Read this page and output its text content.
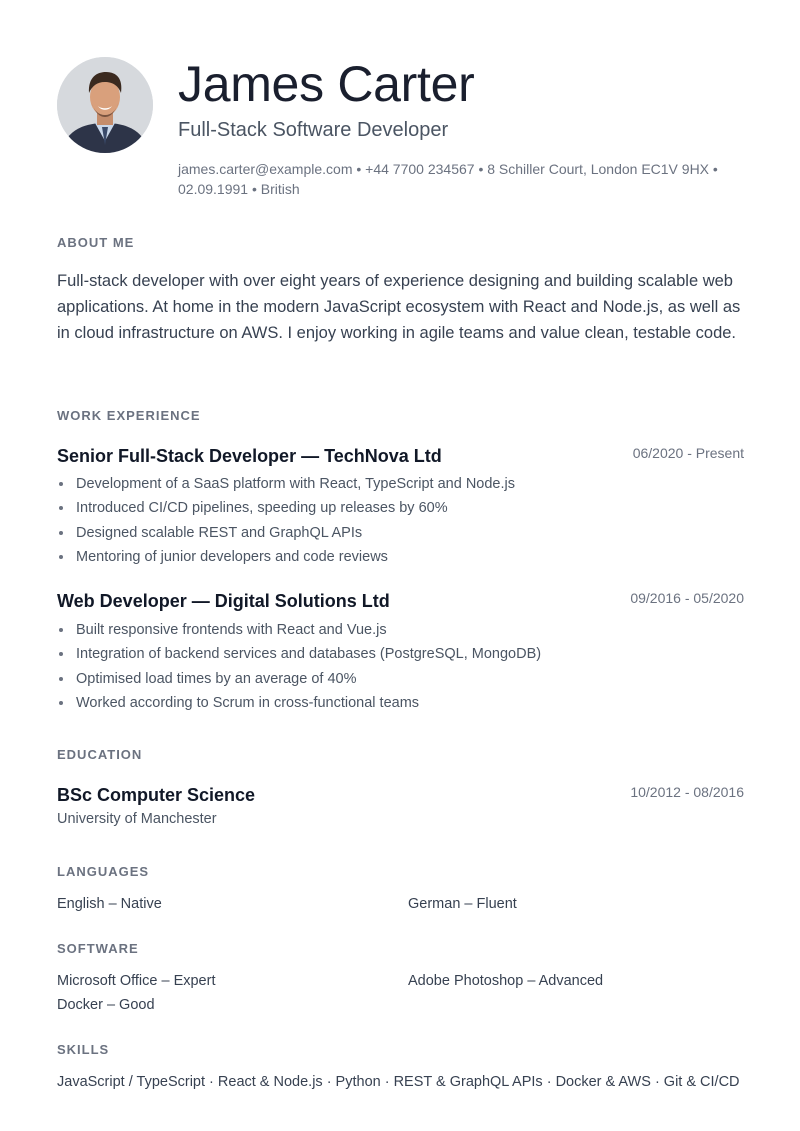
James Carter
Full-Stack Software Developer
james.carter@example.com • +44 7700 234567 • 8 Schiller Court, London EC1V 9HX • 02.09.1991 • British
ABOUT ME
Full-stack developer with over eight years of experience designing and building scalable web applications. At home in the modern JavaScript ecosystem with React and Node.js, as well as in cloud infrastructure on AWS. I enjoy working in agile teams and value clean, testable code.
WORK EXPERIENCE
Senior Full-Stack Developer — TechNova Ltd	06/2020 - Present
Development of a SaaS platform with React, TypeScript and Node.js
Introduced CI/CD pipelines, speeding up releases by 60%
Designed scalable REST and GraphQL APIs
Mentoring of junior developers and code reviews
Web Developer — Digital Solutions Ltd	09/2016 - 05/2020
Built responsive frontends with React and Vue.js
Integration of backend services and databases (PostgreSQL, MongoDB)
Optimised load times by an average of 40%
Worked according to Scrum in cross-functional teams
EDUCATION
BSc Computer Science	10/2012 - 08/2016
University of Manchester
LANGUAGES
English – Native	German – Fluent
SOFTWARE
Microsoft Office – Expert	Adobe Photoshop – Advanced
Docker – Good
SKILLS
JavaScript / TypeScript · React & Node.js · Python · REST & GraphQL APIs · Docker & AWS · Git & CI/CD
